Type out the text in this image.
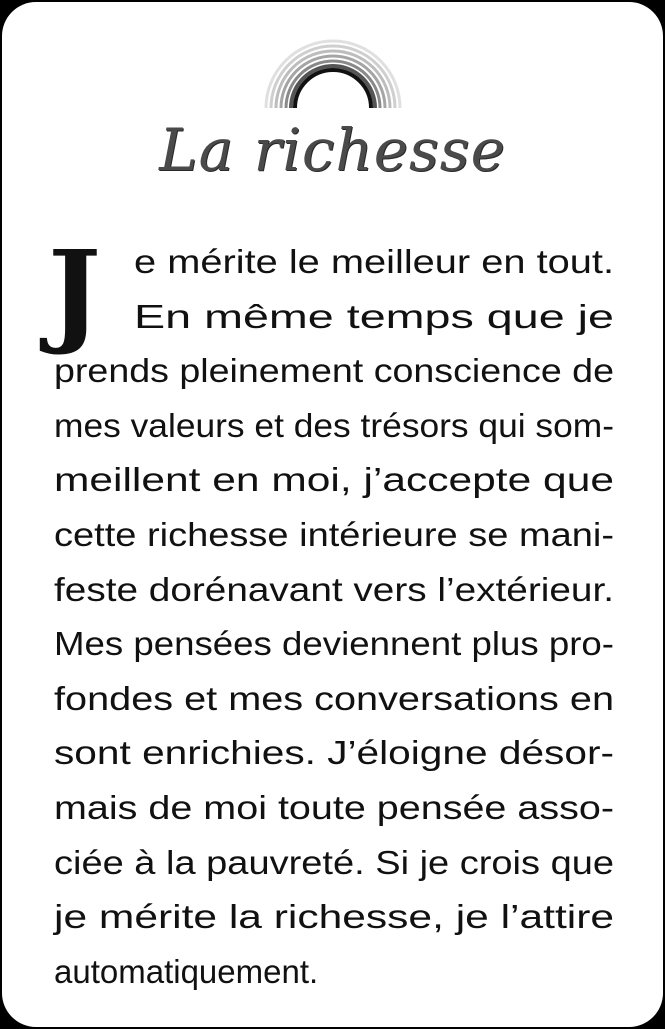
La richesse
J	e mérite le meilleur en tout.
En même temps que je
prends pleinement conscience de
mes valeurs et des trésors qui som-
meillent en moi, j’accepte que
cette richesse intérieure se mani-
feste dorénavant vers l’extérieur.
Mes pensées deviennent plus pro-
fondes et mes conversations en
sont enrichies. J’éloigne désor-
mais de moi toute pensée asso-
ciée à la pauvreté. Si je crois que
je mérite la richesse, je l’attire
automatiquement.
